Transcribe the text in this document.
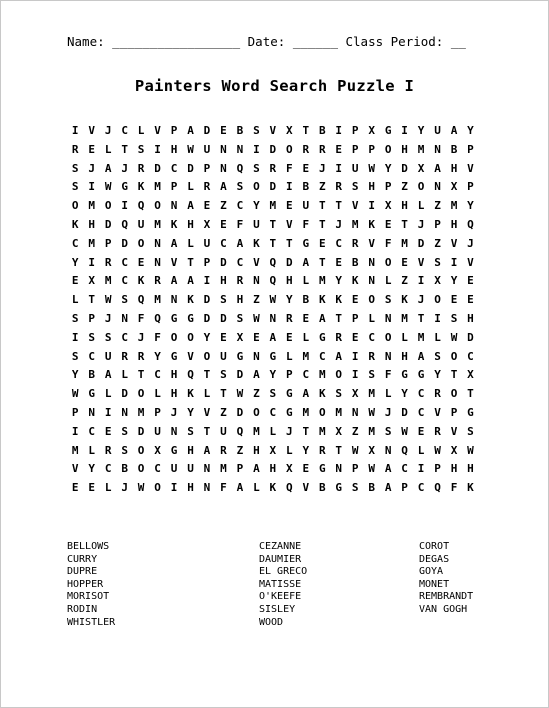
Name: _________________ Date: ______ Class Period: __
Painters Word Search Puzzle I
I V J C L V P A D E B S V X T B I P X G I Y U A Y
R E L T S I H W U N N I D O R R E P P O H M N B P
S J A J R D C D P N Q S R F E J I U W Y D X A H V
S I W G K M P L R A S O D I B Z R S H P Z O N X P
O M O I Q O N A E Z C Y M E U T T V I X H L Z M Y
K H D Q U M K H X E F U T V F T J M K E T J P H Q
C M P D O N A L U C A K T T G E C R V F M D Z V J
Y I R C E N V T P D C V Q D A T E B N O E V S I V
E X M C K R A A I H R N Q H L M Y K N L Z I X Y E
L T W S Q M N K D S H Z W Y B K K E O S K J O E E
S P J N F Q G G D D S W N R E A T P L N M T I S H
I S S C J F O O Y E X E A E L G R E C O L M L W D
S C U R R Y G V O U G N G L M C A I R N H A S O C
Y B A L T C H Q T S D A Y P C M O I S F G G Y T X
W G L D O L H K L T W Z S G A K S X M L Y C R O T
P N I N M P J Y V Z D O C G M O M N W J D C V P G
I C E S D U N S T U Q M L J T M X Z M S W E R V S
M L R S O X G H A R Z H X L Y R T W X N Q L W X W
V Y C B O C U U N M P A H X E G N P W A C I P H H
E E L J W O I H N F A L K Q V B G S B A P C Q F K
BELLOWS
CURRY
DUPRE
HOPPER
MORISOT
RODIN
WHISTLER
CEZANNE
DAUMIER
EL GRECO
MATISSE
O'KEEFE
SISLEY
WOOD
COROT
DEGAS
GOYA
MONET
REMBRANDT
VAN GOGH
